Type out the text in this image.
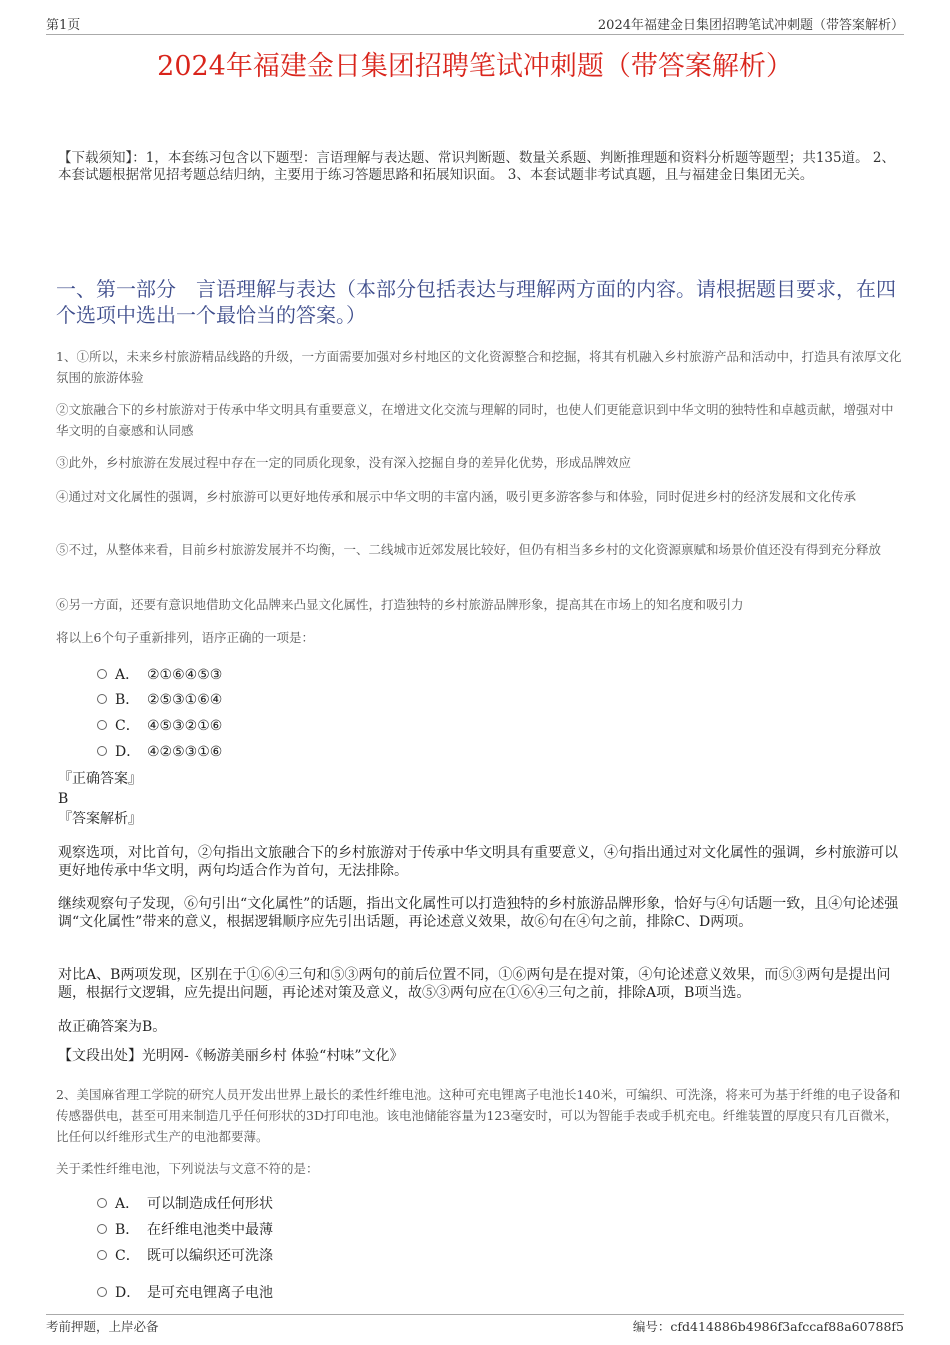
第1页	2024年福建金日集团招聘笔试冲刺题（带答案解析）
2024年福建金日集团招聘笔试冲刺题（带答案解析）
【下载须知】：1，本套练习包含以下题型：言语理解与表达题、常识判断题、数量关系题、判断推理题和资料分析题等题型；共135道。 2、本套试题根据常见招考题总结归纳，主要用于练习答题思路和拓展知识面。 3、本套试题非考试真题，且与福建金日集团无关。
一、第一部分　言语理解与表达（本部分包括表达与理解两方面的内容。请根据题目要求，在四个选项中选出一个最恰当的答案。）
1、①所以，未来乡村旅游精品线路的升级，一方面需要加强对乡村地区的文化资源整合和挖掘，将其有机融入乡村旅游产品和活动中，打造具有浓厚文化氛围的旅游体验
②文旅融合下的乡村旅游对于传承中华文明具有重要意义，在增进文化交流与理解的同时，也使人们更能意识到中华文明的独特性和卓越贡献，增强对中华文明的自豪感和认同感
③此外，乡村旅游在发展过程中存在一定的同质化现象，没有深入挖掘自身的差异化优势，形成品牌效应
④通过对文化属性的强调，乡村旅游可以更好地传承和展示中华文明的丰富内涵，吸引更多游客参与和体验，同时促进乡村的经济发展和文化传承
⑤不过，从整体来看，目前乡村旅游发展并不均衡，一、二线城市近郊发展比较好，但仍有相当多乡村的文化资源禀赋和场景价值还没有得到充分释放
⑥另一方面，还要有意识地借助文化品牌来凸显文化属性，打造独特的乡村旅游品牌形象，提高其在市场上的知名度和吸引力
将以上6个句子重新排列，语序正确的一项是：
A． ②①⑥④⑤③
B． ②⑤③①⑥④
C． ④⑤③②①⑥
D． ④②⑤③①⑥
『正确答案』
B
『答案解析』
观察选项，对比首句，②句指出文旅融合下的乡村旅游对于传承中华文明具有重要意义，④句指出通过对文化属性的强调，乡村旅游可以更好地传承中华文明，两句均适合作为首句，无法排除。
继续观察句子发现，⑥句引出“文化属性”的话题，指出文化属性可以打造独特的乡村旅游品牌形象，恰好与④句话题一致，且④句论述强调“文化属性”带来的意义，根据逻辑顺序应先引出话题，再论述意义效果，故⑥句在④句之前，排除C、D两项。
对比A、B两项发现，区别在于①⑥④三句和⑤③两句的前后位置不同，①⑥两句是在提对策，④句论述意义效果，而⑤③两句是提出问题，根据行文逻辑，应先提出问题，再论述对策及意义，故⑤③两句应在①⑥④三句之前，排除A项，B项当选。
故正确答案为B。
【文段出处】光明网-《畅游美丽乡村 体验“村味”文化》
2、美国麻省理工学院的研究人员开发出世界上最长的柔性纤维电池。这种可充电锂离子电池长140米，可编织、可洗涤，将来可为基于纤维的电子设备和传感器供电，甚至可用来制造几乎任何形状的3D打印电池。该电池储能容量为123毫安时，可以为智能手表或手机充电。纤维装置的厚度只有几百微米，比任何以纤维形式生产的电池都要薄。
关于柔性纤维电池，下列说法与文意不符的是：
A． 可以制造成任何形状
B． 在纤维电池类中最薄
C． 既可以编织还可洗涤
D． 是可充电锂离子电池
考前押题，上岸必备	编号：cfd414886b4986f3afccaf88a60788f5
